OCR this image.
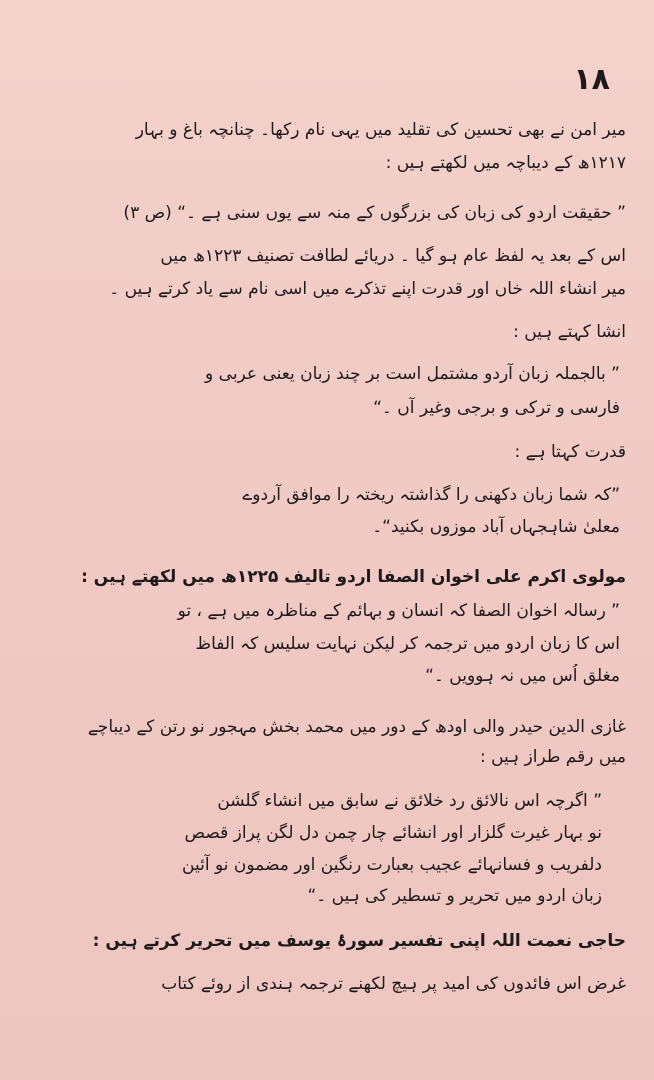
١٨
میر امن نے بھی تحسین کی تقلید میں یہی نام رکھا۔ چنانچہ باغ و بہار
۱۲۱۷ھ کے دیباچہ میں لکھتے ہیں :
” حقیقت اردو کی زبان کی بزرگوں کے منہ سے یوں سنی ہے ۔“ (ص ۳)
اس کے بعد یہ لفظ عام ہو گیا ۔ دریائے لطافت تصنیف ۱۲۲۳ھ میں
میر انشاء اللہ خاں اور قدرت اپنے تذکرے میں اسی نام سے یاد کرتے ہیں ۔
انشا کہتے ہیں :
” بالجملہ زبان آردو مشتمل است بر چند زبان یعنی عربی و
فارسی و ترکی و برجی وغیر آں ۔“
قدرت کہتا ہے :
”کہ شما زبان دکھنی را گذاشتہ ریختہ را موافق آردوے
معلیٰ شاہجہاں آباد موزوں بکنید“۔
مولوی اکرم علی اخوان الصفا اردو تالیف ۱۲۲۵ھ میں لکھتے ہیں :
” رسالہ اخوان الصفا کہ انسان و بہائم کے مناظرہ میں ہے ، تو
اس کا زبان اردو میں ترجمہ کر لیکن نہایت سلیس کہ الفاظ
مغلق اُس میں نہ ہوویں ۔“
غازی الدین حیدر والی اودھ کے دور میں محمد بخش مہجور نو رتن کے دیباچے
میں رقم طراز ہیں :
” اگرچہ اس نالائق رد خلائق نے سابق میں انشاء گلشن
نو بہار غیرت گلزار اور انشائے چار چمن دل لگن پراز قصص
دلفریب و فسانہائے عجیب بعبارت رنگین اور مضمون نو آئین
زبان اردو میں تحریر و تسطیر کی ہیں ۔“
حاجی نعمت اللہ اپنی تفسیر سورۂ یوسف میں تحریر کرتے ہیں :
غرض اس فائدوں کی امید پر ہیچ لکھنے ترجمہ ہندی از روئے کتاب
